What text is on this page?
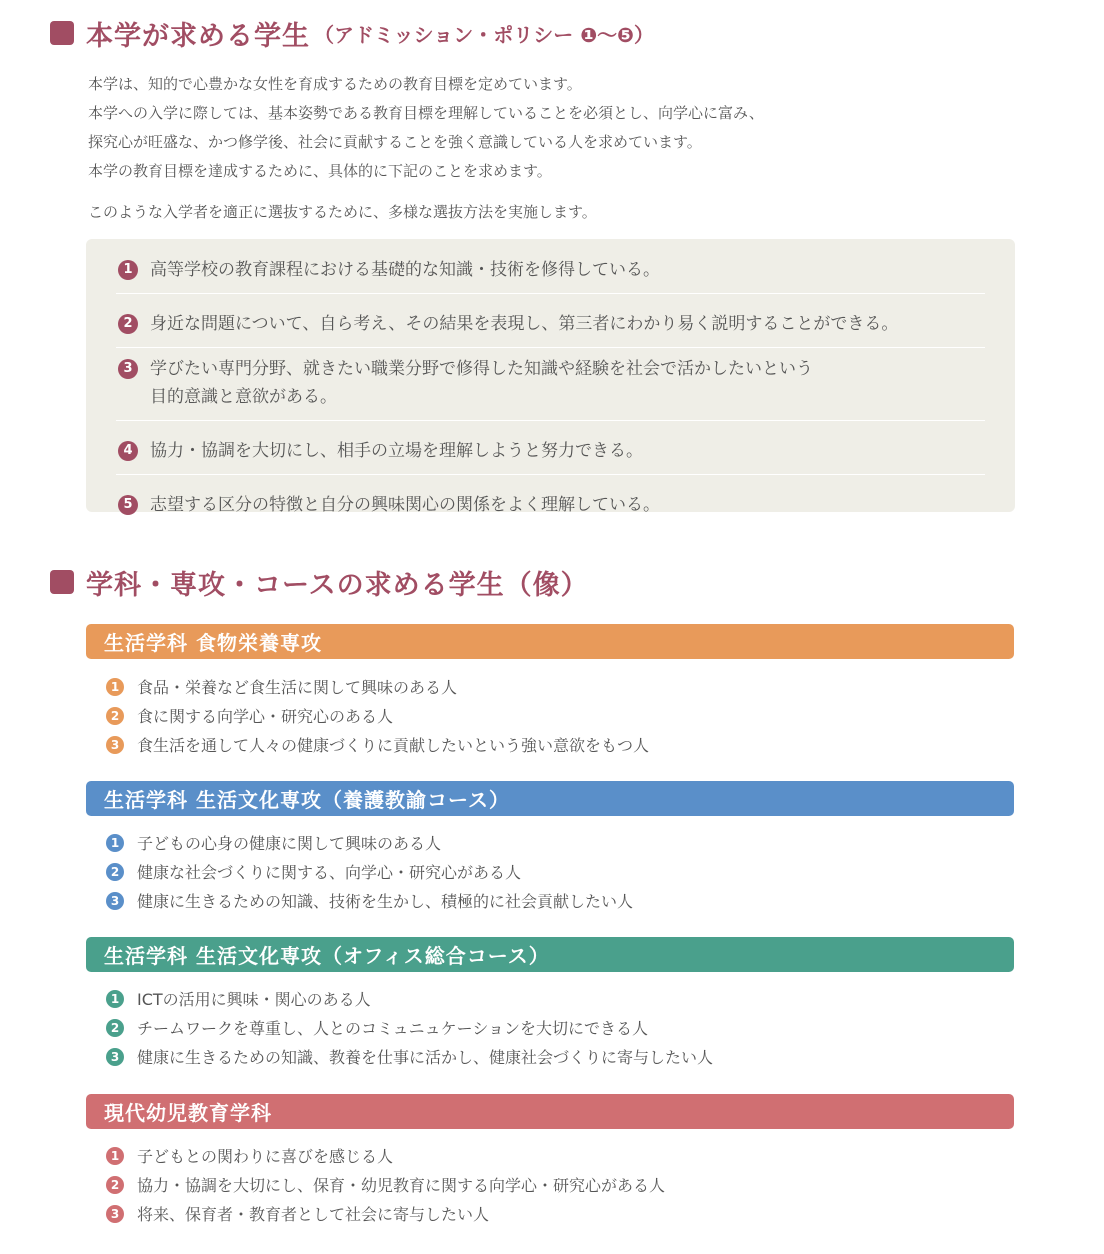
本学が求める学生 （アドミッション・ポリシー ❶〜❺）

本学は、知的で心豊かな女性を育成するための教育目標を定めています。

本学への入学に際しては、基本姿勢である教育目標を理解していることを必須とし、向学心に富み、

探究心が旺盛な、かつ修学後、社会に貢献することを強く意識している人を求めています。

本学の教育目標を達成するために、具体的に下記のことを求めます。

このような入学者を適正に選抜するために、多様な選抜方法を実施します。

1	高等学校の教育課程における基礎的な知識・技術を修得している。
2	身近な問題について、自ら考え、その結果を表現し、第三者にわかり易く説明することができる。
3	学びたい専門分野、就きたい職業分野で修得した知識や経験を社会で活かしたいという
目的意識と意欲がある。
4	協力・協調を大切にし、相手の立場を理解しようと努力できる。
5	志望する区分の特徴と自分の興味関心の関係をよく理解している。
学科・専攻・コースの求める学生（像）
生活学科 食物栄養専攻
1	食品・栄養など食生活に関して興味のある人
2	食に関する向学心・研究心のある人
3	食生活を通して人々の健康づくりに貢献したいという強い意欲をもつ人
生活学科 生活文化専攻（養護教諭コース）
1	子どもの心身の健康に関して興味のある人
2	健康な社会づくりに関する、向学心・研究心がある人
3	健康に生きるための知識、技術を生かし、積極的に社会貢献したい人
生活学科 生活文化専攻（オフィス総合コース）
1	ICTの活用に興味・関心のある人
2	チームワークを尊重し、人とのコミュニュケーションを大切にできる人
3	健康に生きるための知識、教養を仕事に活かし、健康社会づくりに寄与したい人
現代幼児教育学科
1	子どもとの関わりに喜びを感じる人
2	協力・協調を大切にし、保育・幼児教育に関する向学心・研究心がある人
3	将来、保育者・教育者として社会に寄与したい人
